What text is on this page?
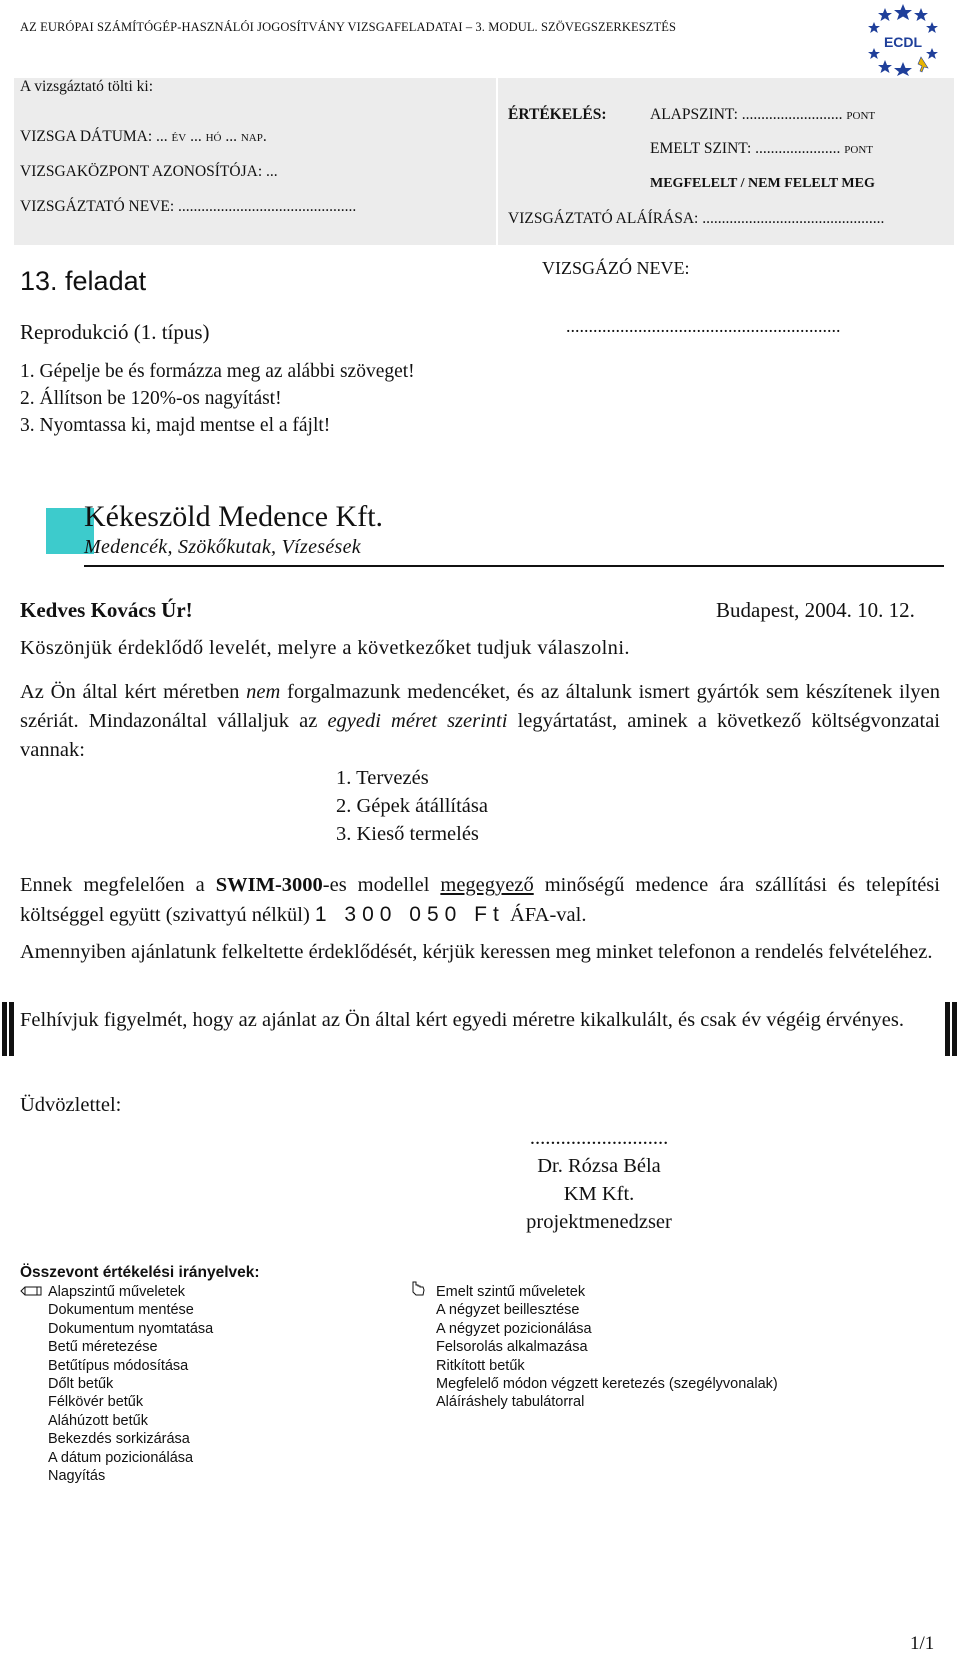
AZ EURÓPAI SZÁMÍTÓGÉP-HASZNÁLÓI JOGOSÍTVÁNY VIZSGAFELADATAI – 3. MODUL. SZÖVEGSZERKESZTÉS
ECDL
A vizsgáztató tölti ki:
VIZSGA DÁTUMA: ... év ... hó ... nap.
VIZSGAKÖZPONT AZONOSÍTÓJA: ...
VIZSGÁZTATÓ NEVE: ..............................................
ÉRTÉKELÉS:	ALAPSZINT: .......................... pont
EMELT SZINT: ...................... pont
MEGFELELT / NEM FELELT MEG
VIZSGÁZTATÓ ALÁÍRÁSA: ...............................................
13. feladat	VIZSGÁZÓ NEVE:
.............................................................
Reprodukció (1. típus)
1. Gépelje be és formázza meg az alábbi szöveget!
2. Állítson be 120%-os nagyítást!
3. Nyomtassa ki, majd mentse el a fájlt!
Kékeszöld Medence Kft.
Medencék, Szökőkutak, Vízesések
Kedves Kovács Úr!	Budapest, 2004. 10. 12.
Köszönjük érdeklődő levelét, melyre a következőket tudjuk válaszolni.
Az Ön által kért méretben nem forgalmazunk medencéket, és az általunk ismert gyártók sem készítenek ilyen szériát. Mindazonáltal vállaljuk az egyedi méret szerinti legyártatást, aminek a következő költségvonzatai vannak:
1. Tervezés
2. Gépek átállítása
3. Kieső termelés
Ennek megfelelően a SWIM-3000-es modellel megegyező minőségű medence ára szállítási és telepítési költséggel együtt (szivattyú nélkül) 1 300 050 Ft ÁFA-val.
Amennyiben ajánlatunk felkeltette érdeklődését, kérjük keressen meg minket telefonon a rendelés felvételéhez.
Felhívjuk figyelmét, hogy az ajánlat az Ön által kért egyedi méretre kikalkulált, és csak év végéig érvényes.
Üdvözlettel:
...........................
Dr. Rózsa Béla
KM Kft.
projektmenedzser
Összevont értékelési irányelvek:
Alapszintű műveletek
Dokumentum mentése
Dokumentum nyomtatása
Betű méretezése
Betűtípus módosítása
Dőlt betűk
Félkövér betűk
Aláhúzott betűk
Bekezdés sorkizárása
A dátum pozicionálása
Nagyítás
Emelt szintű műveletek
A négyzet beillesztése
A négyzet pozicionálása
Felsorolás alkalmazása
Ritkított betűk
Megfelelő módon végzett keretezés (szegélyvonalak)
Aláíráshely tabulátorral
1/1
